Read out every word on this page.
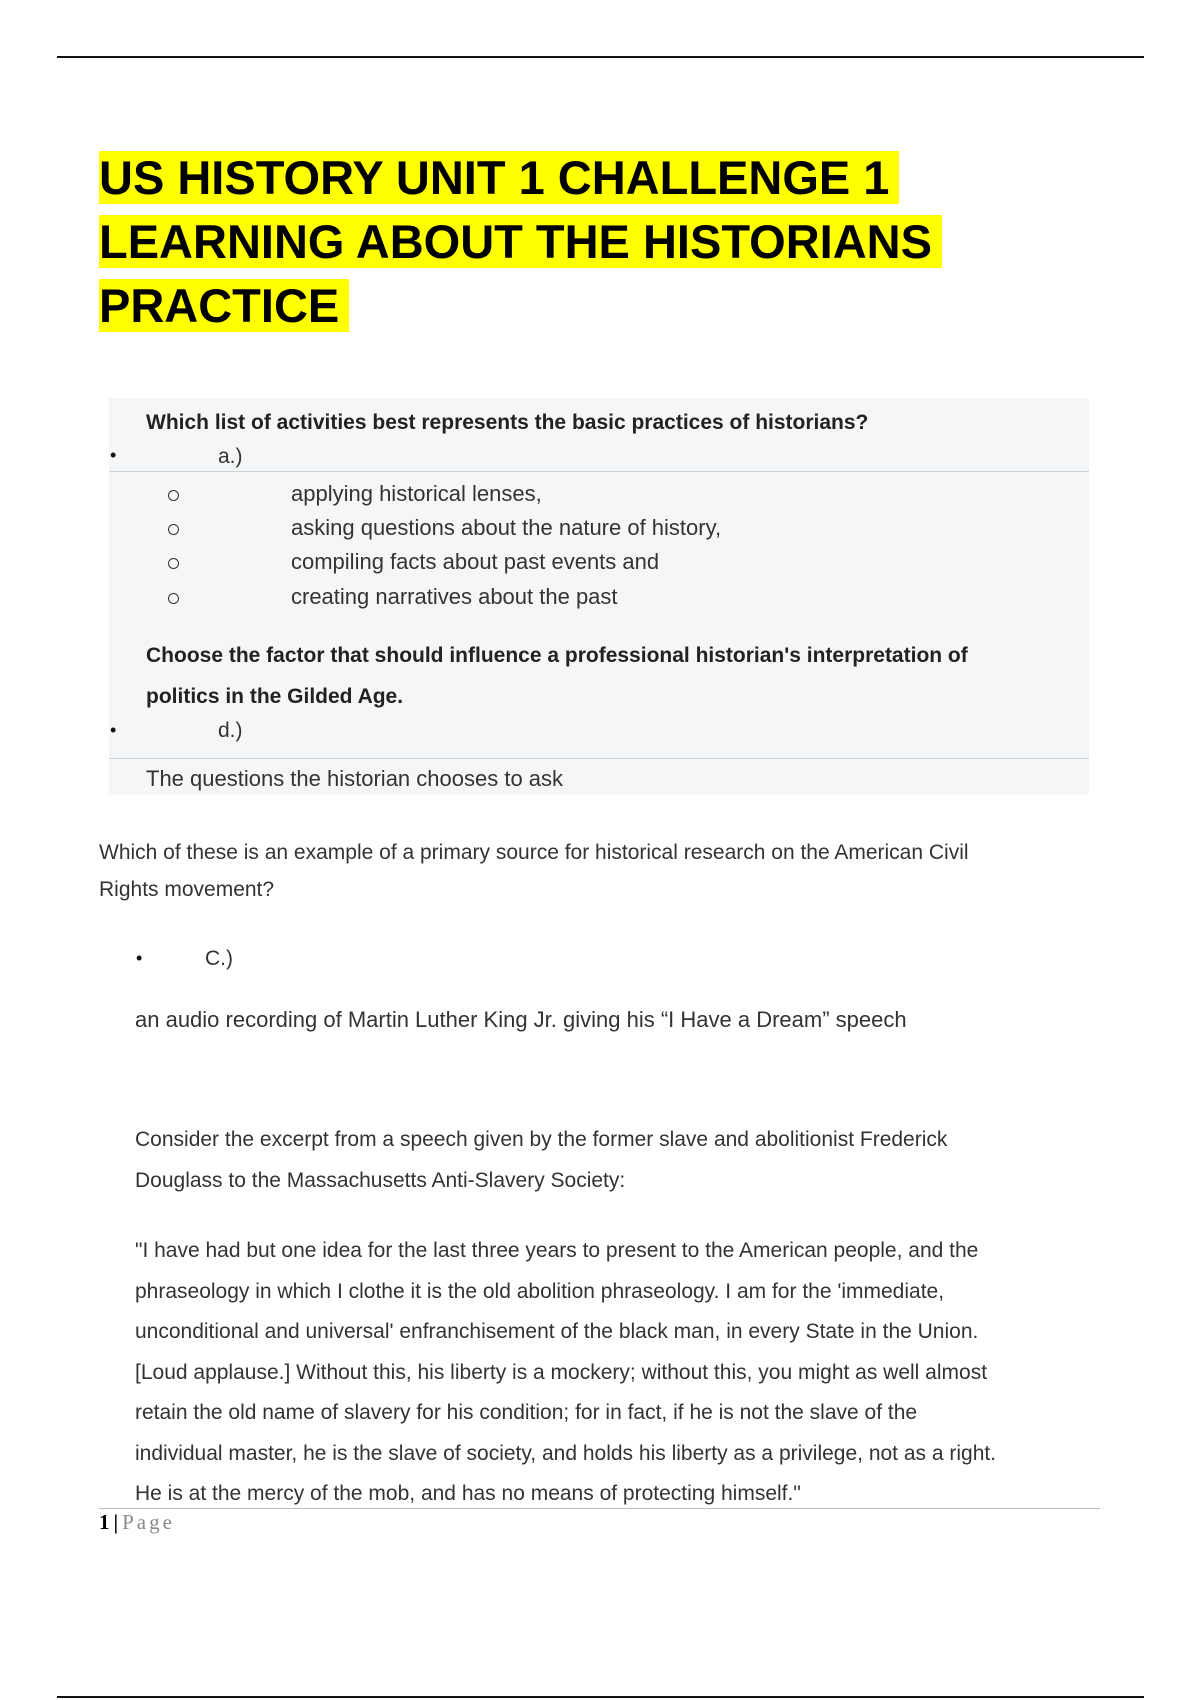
US HISTORY UNIT 1 CHALLENGE 1
LEARNING ABOUT THE HISTORIANS
PRACTICE

Which list of activities best represents the basic practices of historians?

•	a.)
applying historical lenses,
asking questions about the nature of history,
compiling facts about past events and
creating narratives about the past

Choose the factor that should influence a professional historian's interpretation of
politics in the Gilded Age.

•	d.)

The questions the historian chooses to ask

Which of these is an example of a primary source for historical research on the American Civil
Rights movement?

•	C.)

an audio recording of Martin Luther King Jr. giving his “I Have a Dream” speech

Consider the excerpt from a speech given by the former slave and abolitionist Frederick
Douglass to the Massachusetts Anti-Slavery Society:

"I have had but one idea for the last three years to present to the American people, and the
phraseology in which I clothe it is the old abolition phraseology. I am for the 'immediate,
unconditional and universal' enfranchisement of the black man, in every State in the Union.
[Loud applause.] Without this, his liberty is a mockery; without this, you might as well almost
retain the old name of slavery for his condition; for in fact, if he is not the slave of the
individual master, he is the slave of society, and holds his liberty as a privilege, not as a right.
He is at the mercy of the mob, and has no means of protecting himself."

1 | Page
